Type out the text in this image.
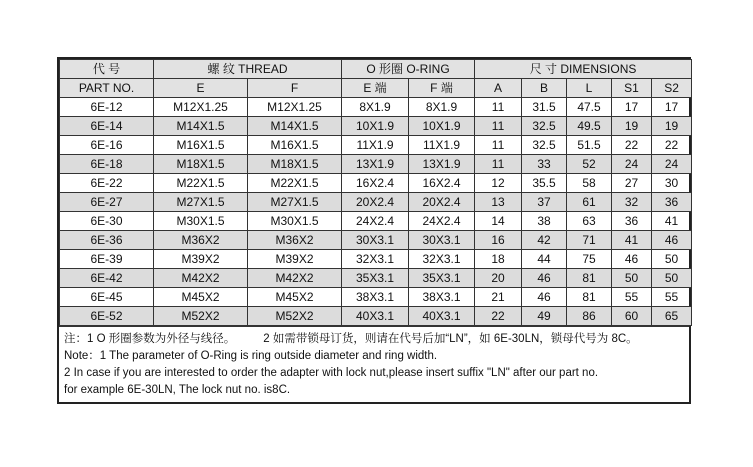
代 号	螺 纹 THREAD		O 形圈 O-RING		尺 寸 DIMENSIONS				
PART NO.	E	F	E 端	F 端	A	B	L	S1	S2
6E-12	M12X1.25	M12X1.25	8X1.9	8X1.9	11	31.5	47.5	17	17
6E-14	M14X1.5	M14X1.5	10X1.9	10X1.9	11	32.5	49.5	19	19
6E-16	M16X1.5	M16X1.5	11X1.9	11X1.9	11	32.5	51.5	22	22
6E-18	M18X1.5	M18X1.5	13X1.9	13X1.9	11	33	52	24	24
6E-22	M22X1.5	M22X1.5	16X2.4	16X2.4	12	35.5	58	27	30
6E-27	M27X1.5	M27X1.5	20X2.4	20X2.4	13	37	61	32	36
6E-30	M30X1.5	M30X1.5	24X2.4	24X2.4	14	38	63	36	41
6E-36	M36X2	M36X2	30X3.1	30X3.1	16	42	71	41	46
6E-39	M39X2	M39X2	32X3.1	32X3.1	18	44	75	46	50
6E-42	M42X2	M42X2	35X3.1	35X3.1	20	46	81	50	50
6E-45	M45X2	M45X2	38X3.1	38X3.1	21	46	81	55	55
6E-52	M52X2	M52X2	40X3.1	40X3.1	22	49	86	60	65
注：1 O 形圈参数为外径与线径。 2 如需带锁母订货，则请在代号后加“LN”，如 6E-30LN，锁母代号为 8C。
Note：1 The parameter of O-Ring is ring outside diameter and ring width.
2 In case if you are interested to order the adapter with lock nut,please insert suffix "LN" after our part no.
for example 6E-30LN, The lock nut no. is8C.
